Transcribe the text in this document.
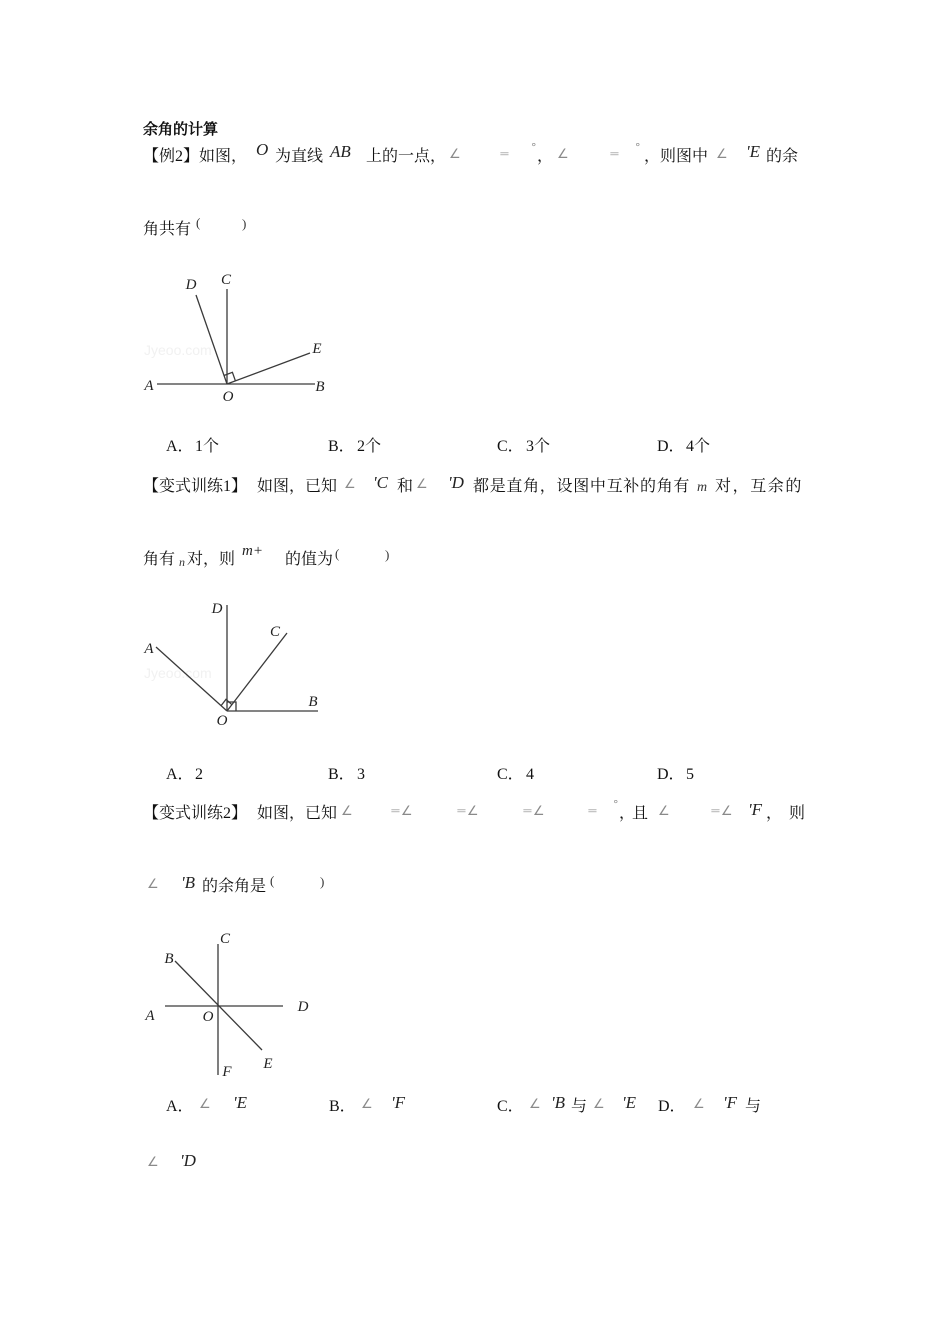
余角的计算
【例2】如图， O 为直线 AB 上的一点， ∠	= °
， ∠	= °
，则图中 ∠ 'E 的余
角共有 (	)
Jyeoo.com
D C
E
A
O
B
A． 1个	B． 2个	C． 3个	D． 4个
【变式训练1】 如图，已知 ∠ 'C 和 ∠ 'D 都是直角，设图中互补的角有 m 对，互余的
角有 n 对，则 m+ 的值为 (	)
Jyeoo.com
D
C
A
B
O
A． 2	B． 3	C． 4	D． 5
【变式训练2】 如图，已知 ∠	=∠	=∠	=∠	= °
，
且 ∠	=∠ 'F ， 则
∠ 'B 的余角是 (	)
C
B
A	O
D
E
F
A． ∠ 'E	B． ∠ 'F	C． ∠ 'B 与 ∠ 'E D． ∠ 'F 与
∠ 'D
